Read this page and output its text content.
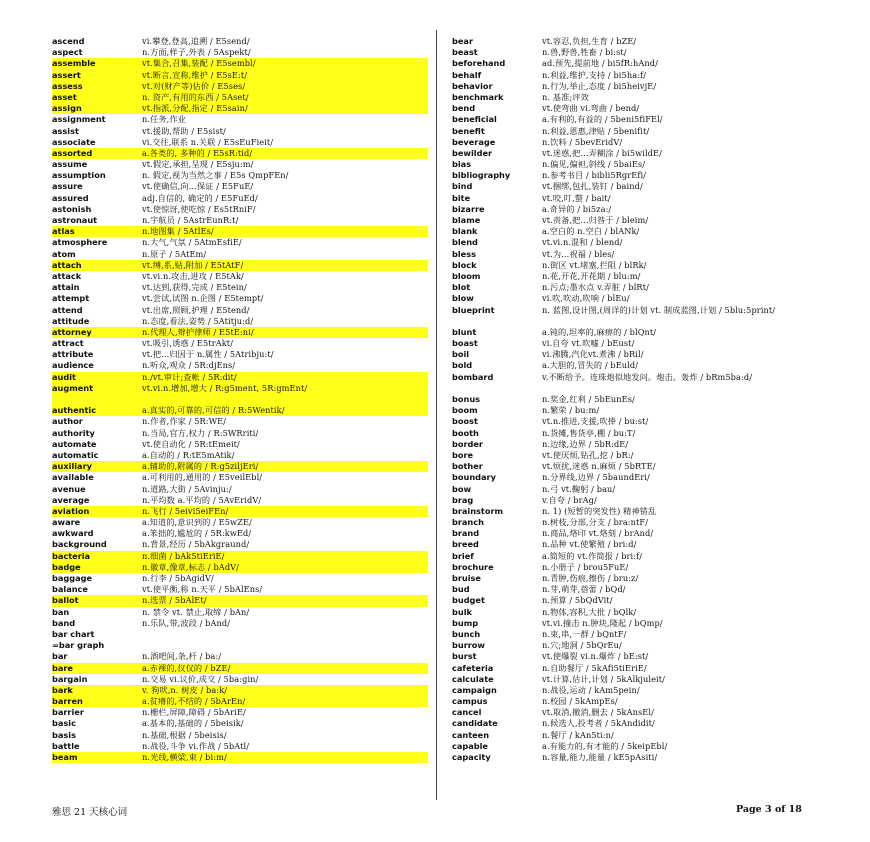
ascend	vi.攀登,登高,追溯 / E5send/
aspect	n.方面,样子,外表 / 5Aspekt/
assemble	vt.集合,召集,装配 / E5sembl/
assert	vt.断言,宣称,维护 / E5sE:t/
assess	vt.对(财产等)估价 / E5ses/
asset	n. 资产,有用的东西 / 5Aset/
assign	vt.指派,分配,指定 / E5sain/
assignment	n.任务,作业
assist	vt.援助,帮助 / E5sist/
associate	vi.交往,联系 n.关联 / E5sEuFieit/
assorted	a.各类的, 多种的 / E5sR:tid/
assume	vt.假定,承担,呈现 / E5sju:m/
assumption	n. 假定,视为当然之事 / E5s QmpFEn/
assure	vt.使确信,向…保证 / E5FuE/
assured	adj.自信的, 确定的 / E5FuEd/
astonish	vt.使惊讶,使吃惊 / Es5tRniF/
astronaut	n.宇航员 / 5AstrEunR:t/
atlas	n.地图集 / 5AtlEs/
atmosphere	n.大气,气氛 / 5AtmEsfiE/
atom	n.原子 / 5AtEm/
attach	vt.缚,系,贴,附加 / E5tAtF/
attack	vt.vi.n.攻击,进攻 / E5tAk/
attain	vt.达到,获得,完成 / E5tein/
attempt	vt.尝试,试图 n.企图 / E5tempt/
attend	vt.出席,照顾,护理 / E5tend/
attitude	n.态度,看法,姿势 / 5Atitju:d/
attorney	n.代理人,辩护律师 / E5tE:ni/
attract	vt.吸引,诱惑 / E5trAkt/
attribute	vt.把…归因于 n.属性 / 5Atribju:t/
audience	n.听众,观众 / 5R:djEns/
audit	n./vt.审计;查帐 / 5R:dit/
augment	vt.vi.n.增加,增大 / R:g5ment, 5R:gmEnt/
authentic	a.真实的,可靠的,可信的 / R:5Wentik/
author	n.作者,作家 / 5R:WE/
authority	n.当局,官方,权力 / R:5WRriti/
automate	vt.使自动化 / 5R:tEmeit/
automatic	a.自动的 / R:tE5mAtik/
auxiliary	a.辅助的,附属的 / R:g5ziljEri/
available	a.可利用的,通用的 / E5veilEbl/
avenue	n.道路,大街 / 5Avinju:/
average	n.平均数 a.平均的 / 5AvEridV/
aviation	n.飞行 / 5eivi5eiFEn/
aware	a.知道的,意识到的 / E5wZE/
awkward	a.笨拙的,尴尬的 / 5R:kwEd/
background	n.背景,经历 / 5bAkgraund/
bacteria	n.细菌 / bAk5tiEriE/
badge	n.徽章,像章,标志 / bAdV/
baggage	n.行李 / 5bAgidV/
balance	vt.使平衡,称 n.天平 / 5bAlEns/
ballot	n.选票 / 5bAlEt/
ban	n. 禁令 vt. 禁止,取缔 / bAn/
band	n.乐队,带,波段 / bAnd/
bar chart
=bar graph
bar	n.酒吧间,条,杆 / ba:/
bare	a.赤裸的,仅仅的 / bZE/
bargain	n.交易 vi.议价,成交 / 5ba:gin/
bark	v. 狗吠,n. 树皮 / ba:k/
barren	a.贫瘠的,不结的 / 5bArEn/
barrier	n.栅栏,屏障,障碍 / 5bAriE/
basic	a.基本的,基础的 / 5beisik/
basis	n.基础,根据 / 5beisis/
battle	n.战役,斗争 vi.作战 / 5bAtl/
beam	n.光线,横梁,束 / bi:m/
bear	vt.容忍,负担,生育 / bZE/
beast	n.兽,野兽,牲畜 / bi:st/
beforehand	ad.预先,提前地 / bi5fR:hAnd/
behalf	n.利益,维护,支持 / bi5ha:f/
behavior	n.行为,举止,态度 / bi5heivjE/
benchmark	n. 基准;评效
bend	vt.使弯曲 vi.弯曲 / bend/
beneficial	a.有利的,有益的 / 5beni5fiFEl/
benefit	n.利益,恩惠,津贴 / 5benifit/
beverage	n.饮料 / 5bevEridV/
bewilder	vt.迷惑,把…弄糊涂 / bi5wildE/
bias	n.偏见,偏袒,斜线 / 5baiEs/
bibliography	n.参考书目 / bibli5RgrEfi/
bind	vt.捆绑,包扎,装钉 / baind/
bite	vt.咬,叮,螫 / bait/
bizarre	a.奇异的 / bi5za:/
blame	vt.责备,把…归咎于 / bleim/
blank	a.空白的 n.空白 / blANk/
blend	vt.vi.n.混和 / blend/
bless	vt.为…祝福 / bles/
block	n.街区 vt.堵塞,拦阻 / blRk/
bloom	n.花,开花,开花期 / blu:m/
blot	n.污点;墨水点 v.弄脏 / blRt/
blow	vi.吹,吹动,吹响 / blEu/
blueprint	n. 蓝图,设计图,(周详的)计划 vt. 制成蓝图,计划 / 5blu:5print/
blunt	a.钝的,坦率的,麻痹的 / blQnt/
boast	vi.自夸 vt.吹嘘 / bEust/
boil	vi.沸腾,汽化vt.煮沸 / bRil/
bold	a.大胆的,冒失的 / bEuld/
bombard	v.不断给予。连珠炮似地发问。炮击。轰炸 / bRm5ba:d/
bonus	n.奖金,红利 / 5bEunEs/
boom	n.繁荣 / bu:m/
boost	vt.n.推进,支援,吹捧 / bu:st/
booth	n.货摊,售货亭,棚 / bu:T/
border	n.边缘,边界 / 5bR:dE/
bore	vt.使厌烦,钻孔,挖 / bR:/
bother	vt.烦扰,迷惑 n.麻烦 / 5bRTE/
boundary	n.分界线,边界 / 5baundEri/
bow	n.弓 vt.鞠躬 / bau/
brag	v.自夸 / brAg/
brainstorm	n. 1) (短暂的突发性) 精神错乱
branch	n.树枝,分部,分支 / bra:ntF/
brand	n.商品,烙印 vt.烙刻 / brAnd/
breed	n.品种 vt.使繁殖 / bri:d/
brief	a.简短的 vt.作简报 / bri:f/
brochure	n.小册子 / brou5FuE/
bruise	n.青肿,伤痕,擦伤 / bru:z/
bud	n.芽,萌芽,蓓蕾 / bQd/
budget	n.预算 / 5bQdVit/
bulk	n.物体,容积,大批 / bQlk/
bump	vt.vi.撞击 n.肿块,隆起 / bQmp/
bunch	n.束,串,一群 / bQntF/
burrow	n.穴;地洞 / 5bQrEu/
burst	vt.使爆裂 vi.n.爆炸 / bE:st/
cafeteria	n.自助餐厅 / 5kAfi5tiEriE/
calculate	vt.计算,估计,计划 / 5kAlkjuleit/
campaign	n.战役,运动 / kAm5pein/
campus	n.校园 / 5kAmpEs/
cancel	vt.取消,撤消,删去 / 5kAnsEl/
candidate	n.候选人,投考者 / 5kAndidit/
canteen	n.餐厅 / kAn5ti:n/
capable	a.有能力的,有才能的 / 5keipEbl/
capacity	n.容量,能力,能量 / kE5pAsiti/
雅思 21 天核心词	Page 3 of 18
